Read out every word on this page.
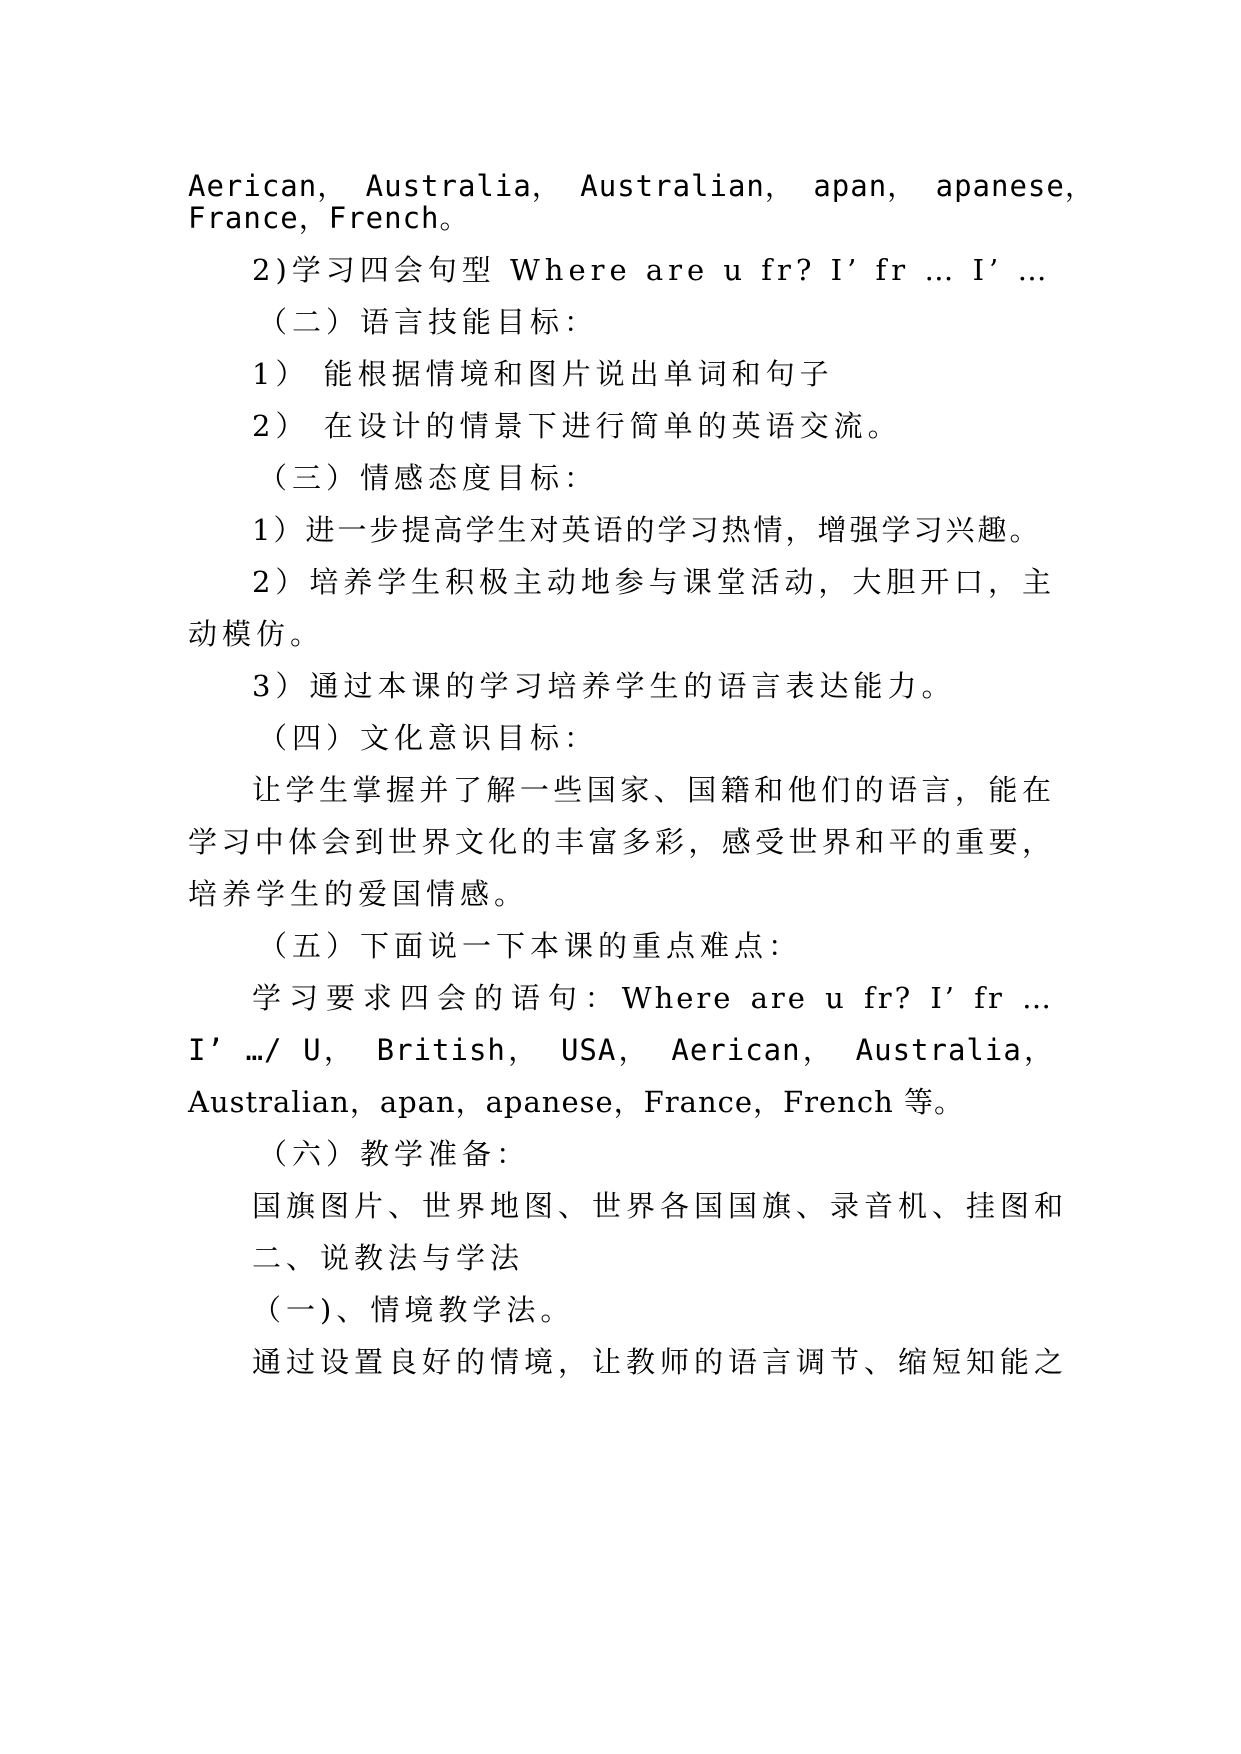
Aerican， Australia， Australian， apan， apanese，
France，French。
2)学习四会句型 Where are u fr? I’ fr … I’ …
（二）语言技能目标：
1） 能根据情境和图片说出单词和句子
2） 在设计的情景下进行简单的英语交流。
（三）情感态度目标：
1）进一步提高学生对英语的学习热情，增强学习兴趣。
2）培养学生积极主动地参与课堂活动，大胆开口，主
动模仿。
3）通过本课的学习培养学生的语言表达能力。
（四）文化意识目标：
让学生掌握并了解一些国家、国籍和他们的语言，能在
学习中体会到世界文化的丰富多彩，感受世界和平的重要，
培养学生的爱国情感。
（五）下面说一下本课的重点难点：
学习要求四会的语句：Where are u fr? I’ fr …
I’ …/ U， British， USA， Aerican， Australia，
Australian，apan，apanese，France，French 等。
（六）教学准备：
国旗图片、世界地图、世界各国国旗、录音机、挂图和
二、说教法与学法
（一)、情境教学法。
通过设置良好的情境，让教师的语言调节、缩短知能之
